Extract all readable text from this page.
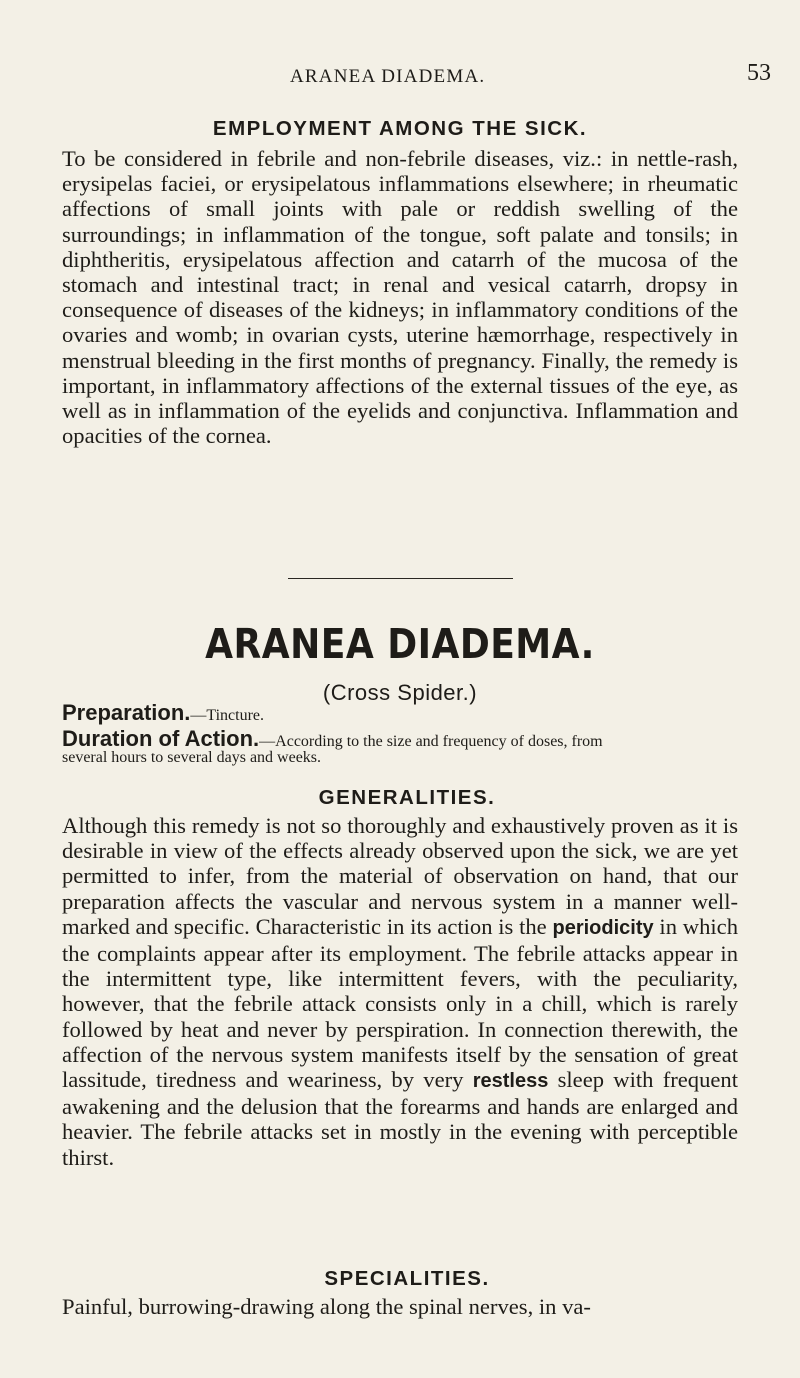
ARANEA DIADEMA.	53
EMPLOYMENT AMONG THE SICK.

To be considered in febrile and non-febrile diseases, viz.: in nettle-rash, erysipelas faciei, or erysipelatous inflammations elsewhere; in rheumatic affections of small joints with pale or reddish swelling of the surroundings; in inflammation of the tongue, soft palate and tonsils; in diphtheritis, erysipelatous affection and catarrh of the mucosa of the stomach and intestinal tract; in renal and vesical catarrh, dropsy in consequence of diseases of the kidneys; in inflammatory conditions of the ovaries and womb; in ovarian cysts, uterine hæmorrhage, respectively in menstrual bleeding in the first months of pregnancy. Finally, the remedy is important, in inflammatory affections of the external tissues of the eye, as well as in inflammation of the eyelids and conjunctiva. Inflammation and opacities of the cornea.

ARANEA DIADEMA.
(Cross Spider.)

Preparation.—Tincture.

Duration of Action.—According to the size and frequency of doses, from

several hours to several days and weeks.

GENERALITIES.

Although this remedy is not so thoroughly and exhaustively proven as it is desirable in view of the effects already observed upon the sick, we are yet permitted to infer, from the material of observation on hand, that our preparation affects the vascular and nervous system in a manner well-marked and specific. Characteristic in its action is the periodicity in which the complaints appear after its employment. The febrile attacks appear in the intermittent type, like intermittent fevers, with the peculiarity, however, that the febrile attack consists only in a chill, which is rarely followed by heat and never by perspiration. In connection therewith, the affection of the nervous system manifests itself by the sensation of great lassitude, tiredness and weariness, by very restless sleep with frequent awakening and the delusion that the forearms and hands are enlarged and heavier. The febrile attacks set in mostly in the evening with perceptible thirst.

SPECIALITIES.

Painful, burrowing-drawing along the spinal nerves, in va-
